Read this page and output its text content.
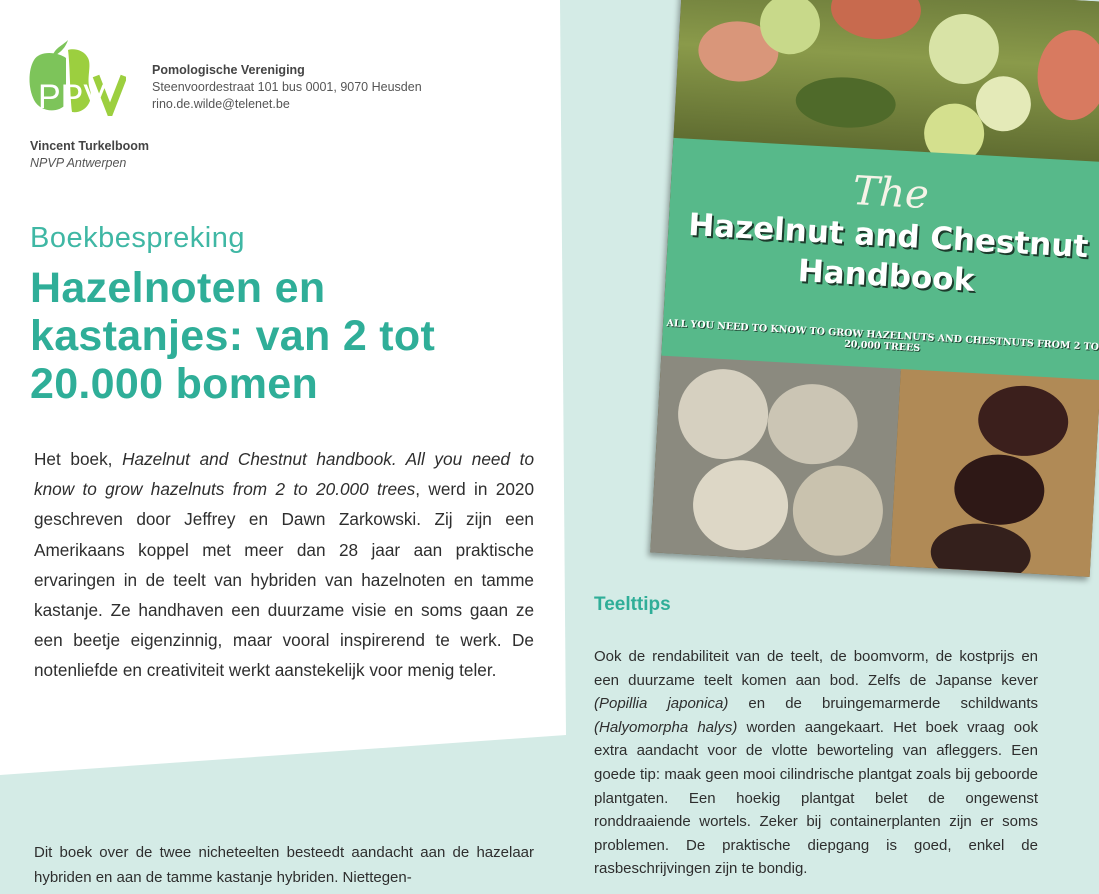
PPV
Pomologische Vereniging
Steenvoordestraat 101 bus 0001, 9070 Heusden
rino.de.wilde@telenet.be
Vincent Turkelboom
NPVP Antwerpen
Boekbespreking
Hazelnoten en kastanjes: van 2 tot 20.000 bomen
Het boek, Hazelnut and Chestnut handbook. All you need to know to grow hazelnuts from 2 to 20.000 trees, werd in 2020 geschreven door Jeffrey en Dawn Zarkowski. Zij zijn een Amerikaans koppel met meer dan 28 jaar aan praktische ervaringen in de teelt van hybriden van hazelnoten en tamme kastanje. Ze handhaven een duurzame visie en soms gaan ze een beetje eigenzinnig, maar vooral inspirerend te werk. De notenliefde en creativiteit werkt aanstekelijk voor menig teler.
Dit boek over de twee nicheteelten besteedt aandacht aan de hazelaar hybriden en aan de tamme kastanje hybriden. Niettegen-
The
Hazelnut and Chestnut
Handbook
ALL YOU NEED TO KNOW TO GROW HAZELNUTS AND CHESTNUTS FROM 2 TO 20,000 TREES
Teelttips
Ook de rendabiliteit van de teelt, de boomvorm, de kostprijs en een duurzame teelt komen aan bod. Zelfs de Japanse kever (Popillia japonica) en de bruingemarmerde schildwants (Halyomorpha halys) worden aangekaart. Het boek vraag ook extra aandacht voor de vlotte beworteling van afleggers. Een goede tip: maak geen mooi cilindrische plantgat zoals bij geboorde plantgaten. Een hoekig plantgat belet de ongewenst ronddraaiende wortels. Zeker bij containerplanten zijn er soms problemen. De praktische diepgang is goed, enkel de rasbeschrijvingen zijn te bondig.
